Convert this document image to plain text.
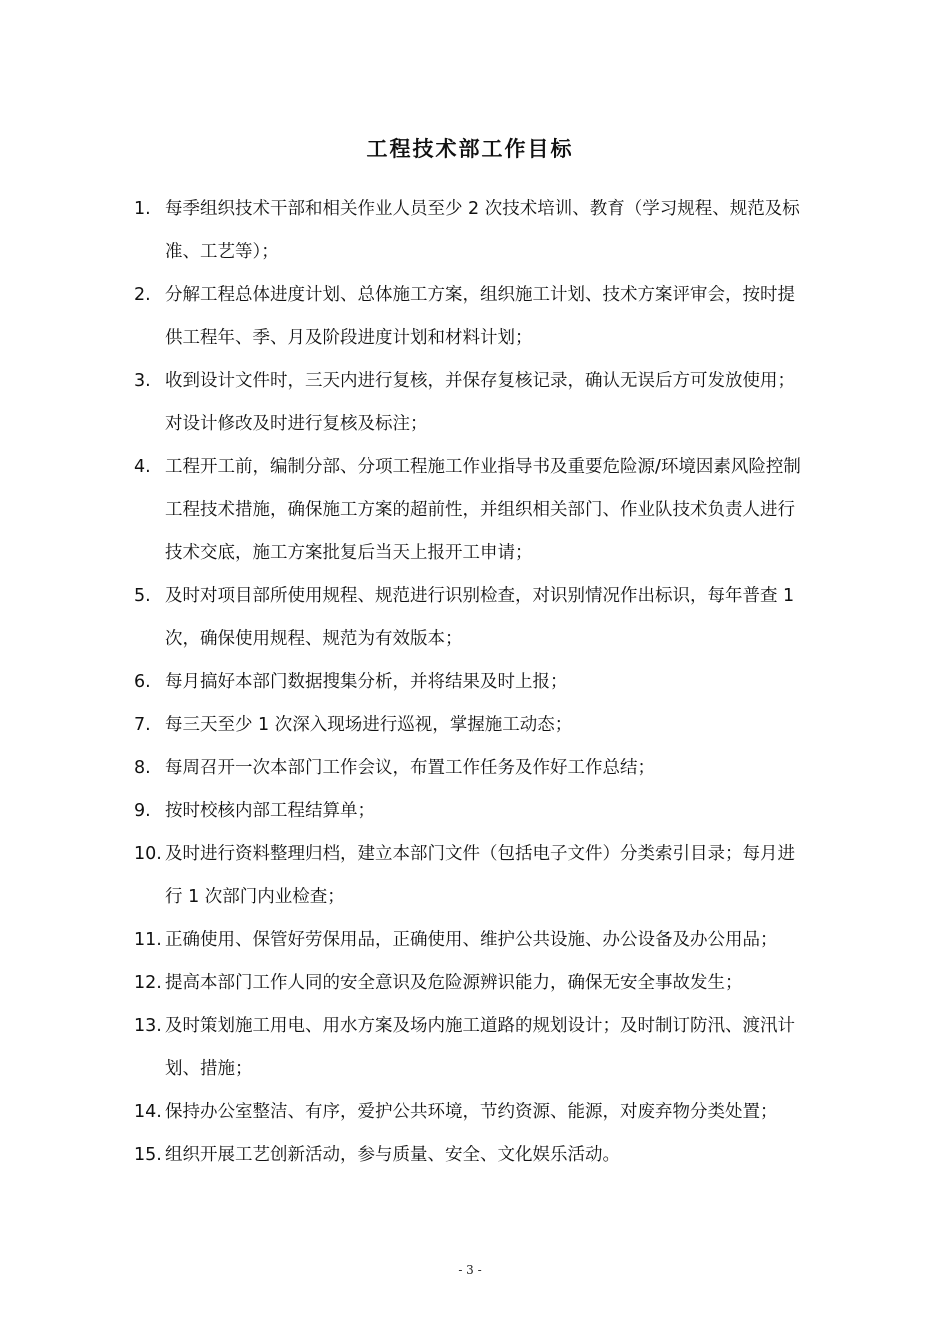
工程技术部工作目标
1. 每季组织技术干部和相关作业人员至少 2 次技术培训、教育（学习规程、规范及标
准、工艺等）；
2. 分解工程总体进度计划、总体施工方案，组织施工计划、技术方案评审会，按时提
供工程年、季、月及阶段进度计划和材料计划；
3. 收到设计文件时，三天内进行复核，并保存复核记录，确认无误后方可发放使用；
对设计修改及时进行复核及标注；
4. 工程开工前，编制分部、分项工程施工作业指导书及重要危险源/环境因素风险控制
工程技术措施，确保施工方案的超前性，并组织相关部门、作业队技术负责人进行
技术交底，施工方案批复后当天上报开工申请；
5. 及时对项目部所使用规程、规范进行识别检查，对识别情况作出标识，每年普查 1
次，确保使用规程、规范为有效版本；
6. 每月搞好本部门数据搜集分析，并将结果及时上报；
7. 每三天至少 1 次深入现场进行巡视，掌握施工动态；
8. 每周召开一次本部门工作会议，布置工作任务及作好工作总结；
9. 按时校核内部工程结算单；
10. 及时进行资料整理归档，建立本部门文件（包括电子文件）分类索引目录；每月进
行 1 次部门内业检查；
11. 正确使用、保管好劳保用品，正确使用、维护公共设施、办公设备及办公用品；
12. 提高本部门工作人同的安全意识及危险源辨识能力，确保无安全事故发生；
13. 及时策划施工用电、用水方案及场内施工道路的规划设计；及时制订防汛、渡汛计
划、措施；
14. 保持办公室整洁、有序，爱护公共环境，节约资源、能源，对废弃物分类处置；
15. 组织开展工艺创新活动，参与质量、安全、文化娱乐活动。
- 3 -
